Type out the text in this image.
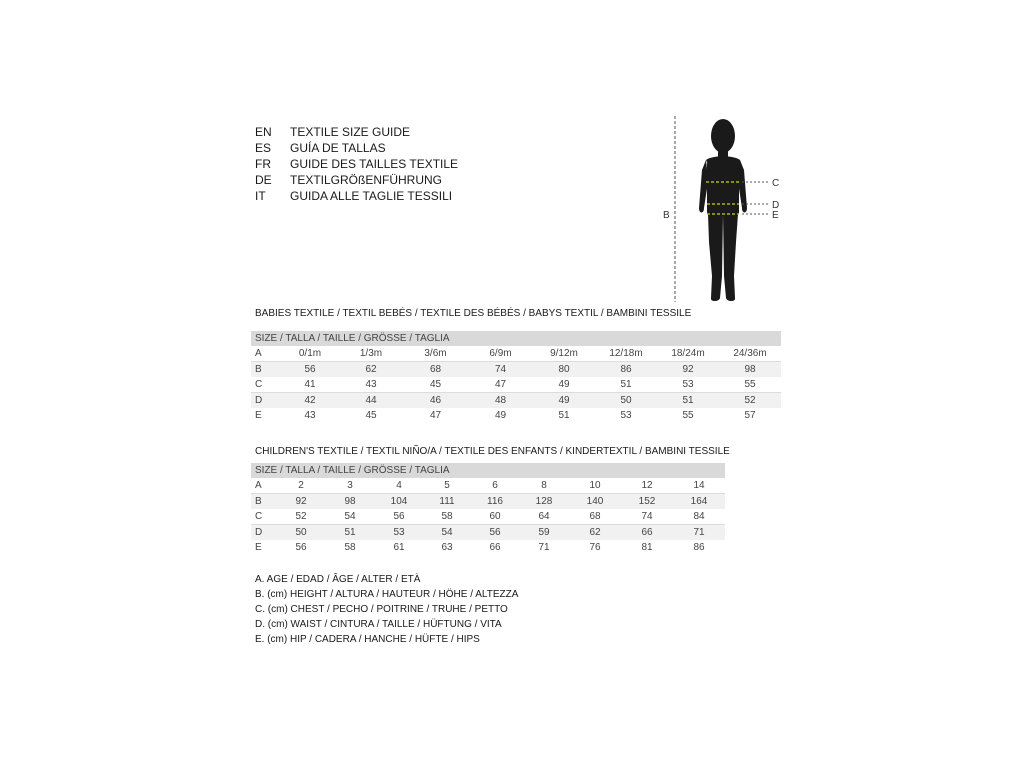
EN	TEXTILE SIZE GUIDE
ES	GUÍA DE TALLAS
FR	GUIDE DES TAILLES TEXTILE
DE	TEXTILGRÖßENFÜHRUNG
IT	GUIDA ALLE TAGLIE TESSILI
B
C
D
E
BABIES TEXTILE / TEXTIL BEBÉS / TEXTILE DES BÉBÉS / BABYS TEXTIL / BAMBINI TESSILE
SIZE / TALLA / TAILLE / GRÖSSE / TAGLIA								
A	0/1m	1/3m	3/6m	6/9m	9/12m	12/18m	18/24m	24/36m
B	56	62	68	74	80	86	92	98
C	41	43	45	47	49	51	53	55
D	42	44	46	48	49	50	51	52
E	43	45	47	49	51	53	55	57
CHILDREN'S TEXTILE / TEXTIL NIÑO/A / TEXTILE DES ENFANTS / KINDERTEXTIL / BAMBINI TESSILE
SIZE / TALLA / TAILLE / GRÖSSE / TAGLIA									
A	2	3	4	5	6	8	10	12	14
B	92	98	104	111	116	128	140	152	164
C	52	54	56	58	60	64	68	74	84
D	50	51	53	54	56	59	62	66	71
E	56	58	61	63	66	71	76	81	86
A. AGE / EDAD / ÂGE / ALTER / ETÀ
B. (cm) HEIGHT / ALTURA / HAUTEUR / HÖHE / ALTEZZA
C. (cm) CHEST / PECHO / POITRINE / TRUHE / PETTO
D. (cm) WAIST / CINTURA / TAILLE / HÜFTUNG / VITA
E. (cm) HIP / CADERA / HANCHE / HÜFTE / HIPS
